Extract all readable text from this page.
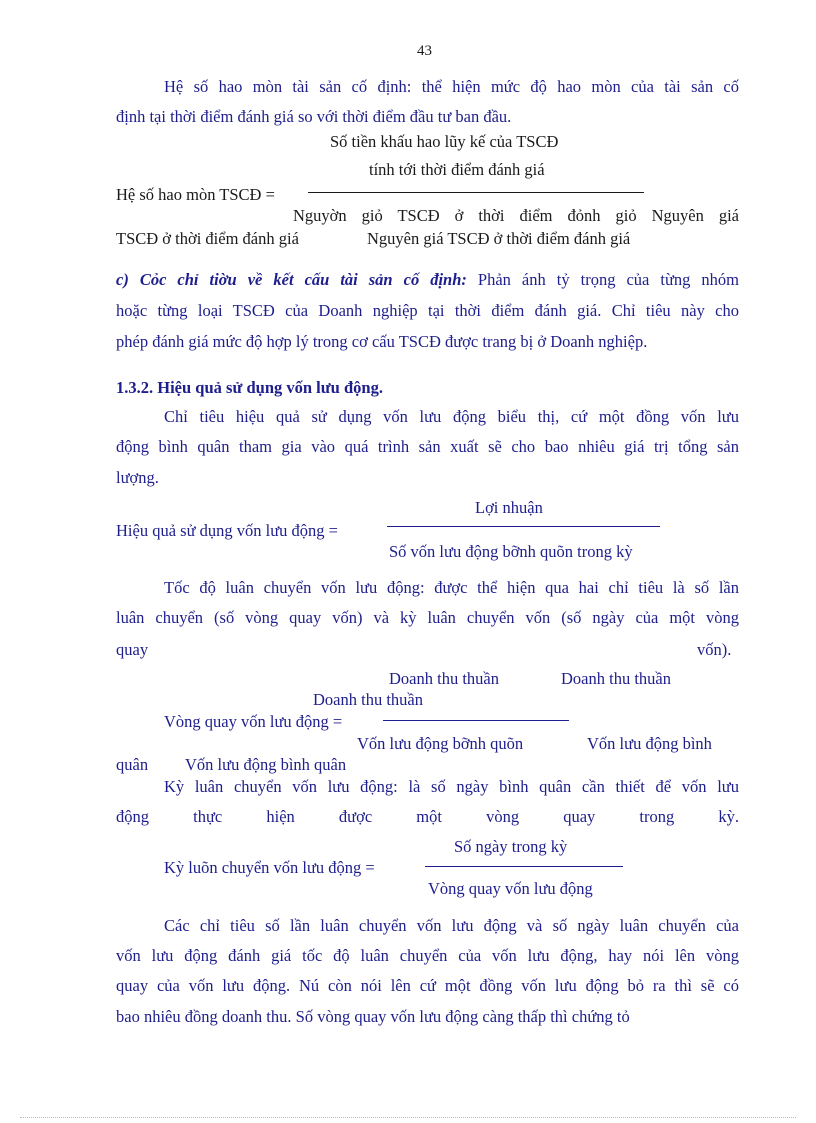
43
Hệ số hao mòn tài sản cố định: thể hiện mức độ hao mòn của tài sản cố
định tại thời điểm đánh giá so với thời điểm đầu tư ban đầu.
Số tiền khấu hao lũy kế của TSCĐ
tính tới thời điểm đánh giá
Hệ số hao mòn TSCĐ =
Nguyờn giỏ TSCĐ ở thời điểm đỏnh giỏ Nguyên giá
TSCĐ ở thời điểm đánh giá	Nguyên giá TSCĐ ở thời điểm đánh giá
c) Cỏc chỉ tiờu về kết cấu tài sản cố định: Phản ánh tỷ trọng của từng nhóm
hoặc từng loại TSCĐ của Doanh nghiệp tại thời điểm đánh giá. Chỉ tiêu này cho
phép đánh giá mức độ hợp lý trong cơ cấu TSCĐ được trang bị ở Doanh nghiệp.
1.3.2. Hiệu quả sử dụng vốn lưu động.
Chỉ tiêu hiệu quả sử dụng vốn lưu động biểu thị, cứ một đồng vốn lưu
động bình quân tham gia vào quá trình sản xuất sẽ cho bao nhiêu giá trị tổng sản
lượng.
Lợi nhuận
Hiệu quả sử dụng vốn lưu động =
Số vốn lưu động bỡnh quõn trong kỳ
Tốc độ luân chuyển vốn lưu động: được thể hiện qua hai chỉ tiêu là số lần
luân chuyển (số vòng quay vốn) và kỳ luân chuyển vốn (số ngày của một vòng
quay	vốn).
Doanh thu thuần	Doanh thu thuần
Doanh thu thuần
Vòng quay vốn lưu động =
Vốn lưu động bỡnh quõn	Vốn lưu động bình
quân Vốn lưu động bình quân
Kỳ luân chuyển vốn lưu động: là số ngày bình quân cần thiết để vốn lưu
động thực hiện được một vòng quay trong kỳ.
Số ngày trong kỳ
Kỳ luõn chuyển vốn lưu động =
Vòng quay vốn lưu động
Các chỉ tiêu số lần luân chuyển vốn lưu động và số ngày luân chuyển của
vốn lưu động đánh giá tốc độ luân chuyển của vốn lưu động, hay nói lên vòng
quay của vốn lưu động. Nú còn nói lên cứ một đồng vốn lưu động bỏ ra thì sẽ có
bao nhiêu đồng doanh thu. Số vòng quay vốn lưu động càng thấp thì chứng tỏ
